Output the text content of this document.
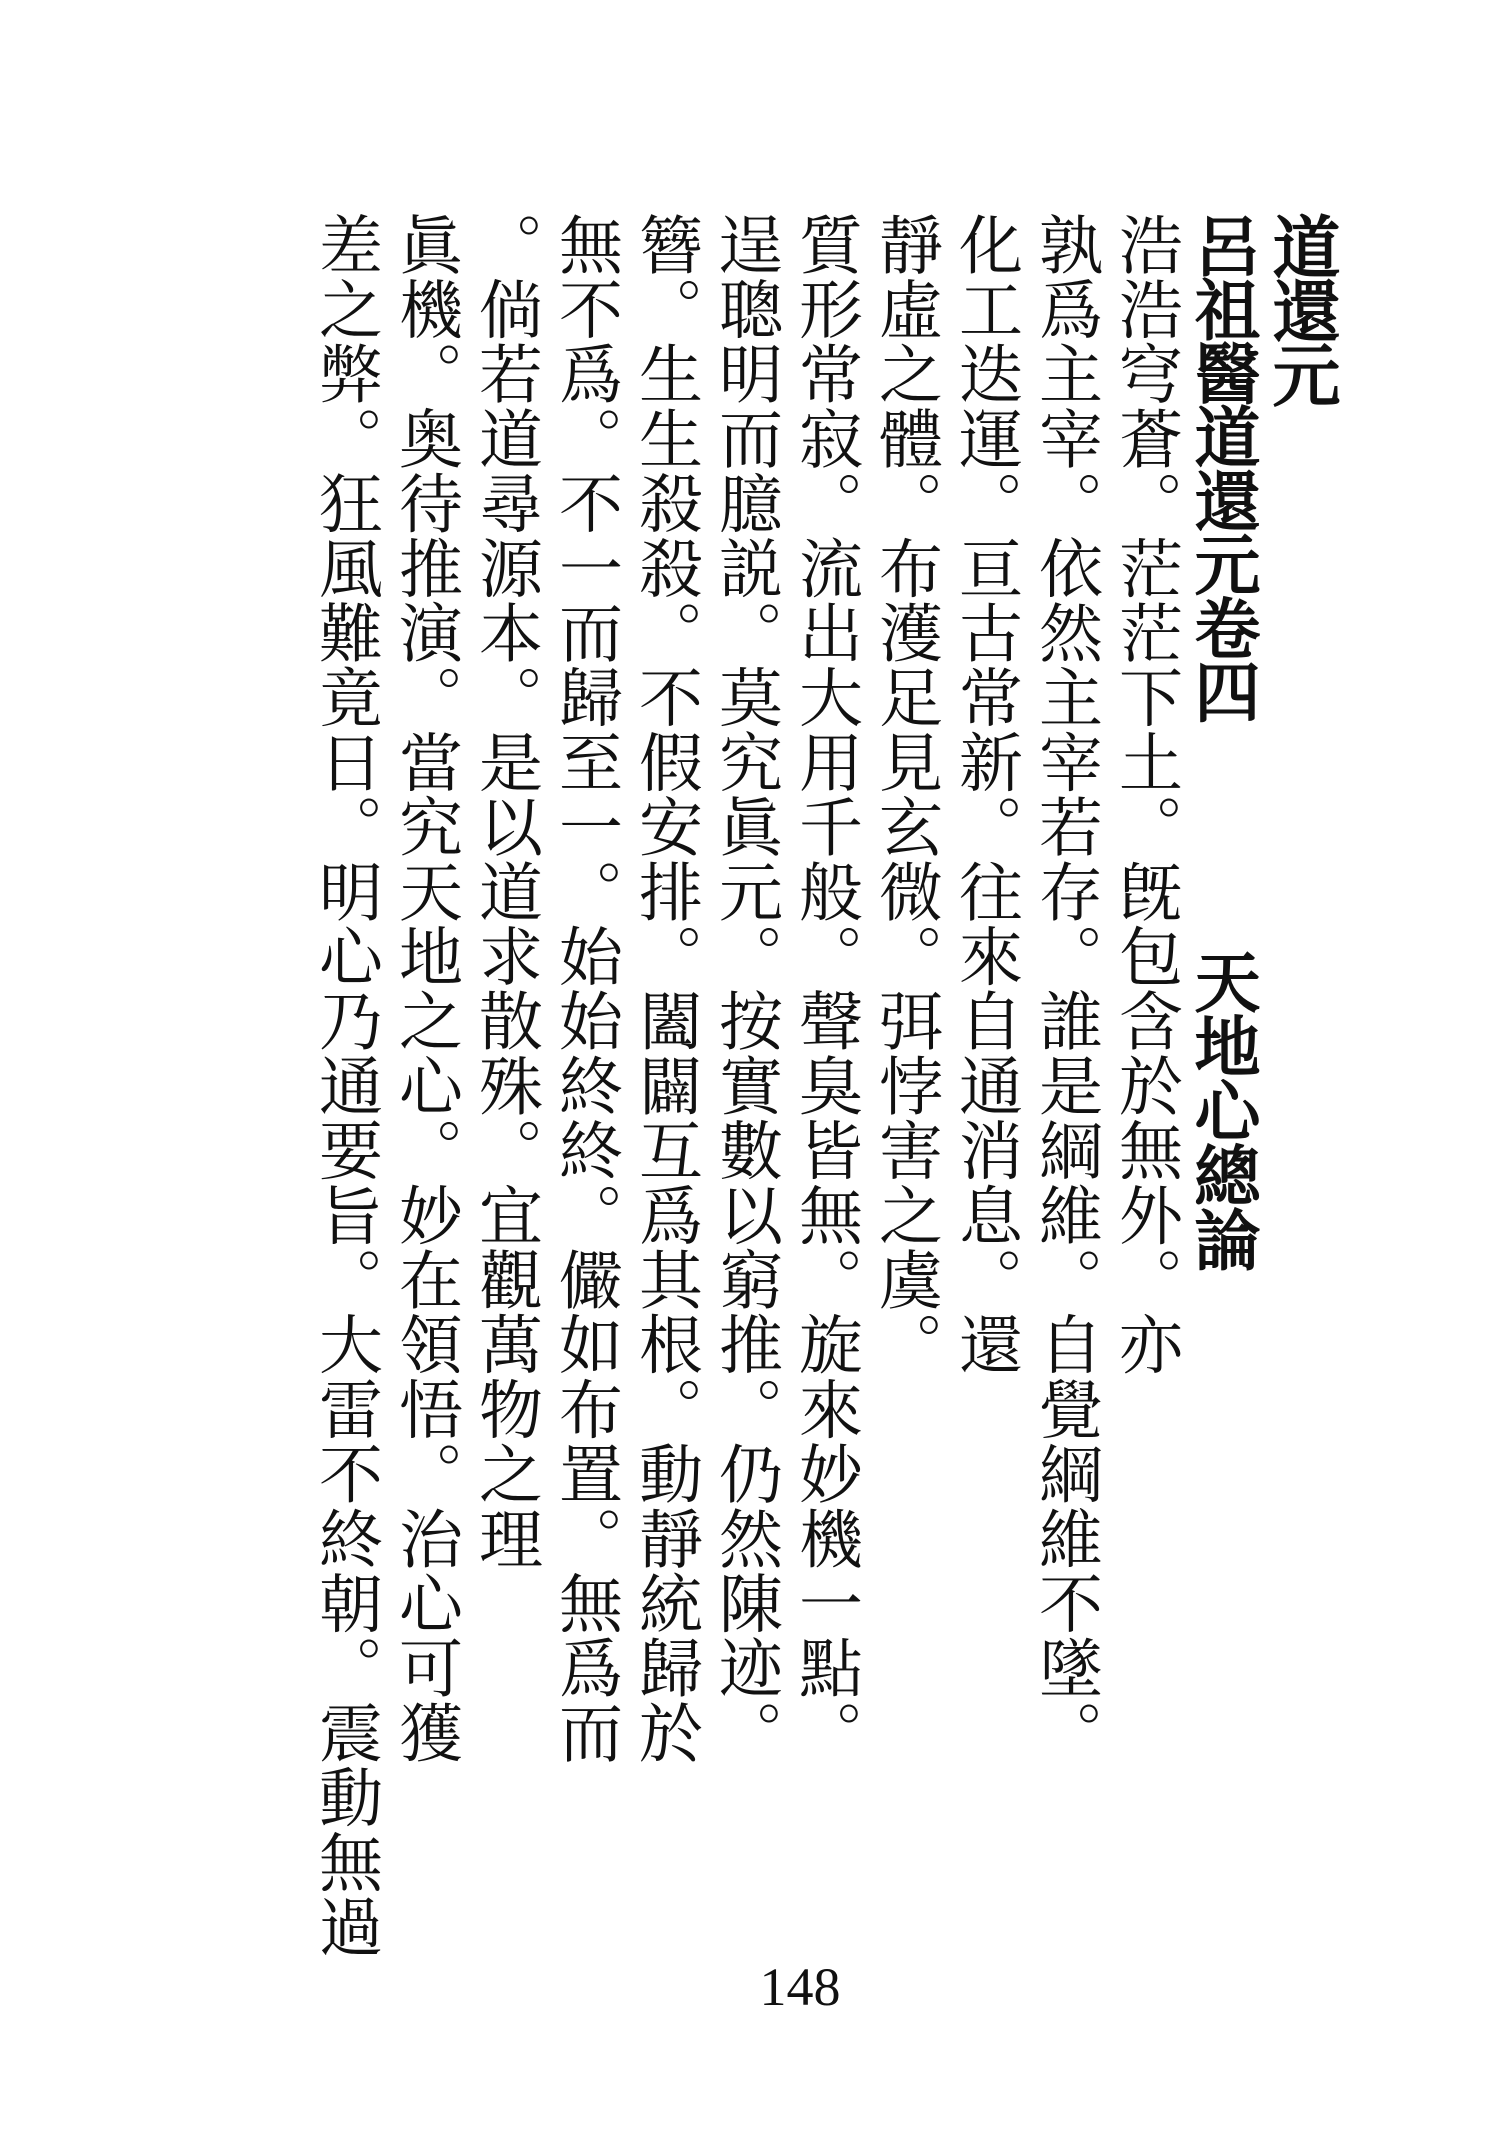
道還元
呂祖醫道還元卷四
天地心總論

浩浩穹蒼。茫茫下土。旣包含於無外。亦

孰爲主宰。依然主宰若存。誰是綱維。自覺綱維不墜。

化工迭運。亘古常新。往來自通消息。還

靜虛之體。布濩足見玄微。弭悖害之虞。

質形常寂。流出大用千般。聲臭皆無。旋來妙機一點。

逞聰明而臆説。莫究眞元。按實數以窮推。仍然陳迹。

簪。生生殺殺。不假安排。闔闢互爲其根。動靜統歸於

無不爲。不一而歸至一。始始終終。儼如布置。無爲而

。倘若道尋源本。是以道求散殊。宜觀萬物之理

眞機。奥待推演。當究天地之心。妙在領悟。治心可獲

差之弊。狂風難竟日。明心乃通要旨。大雷不終朝。震動無過

148
